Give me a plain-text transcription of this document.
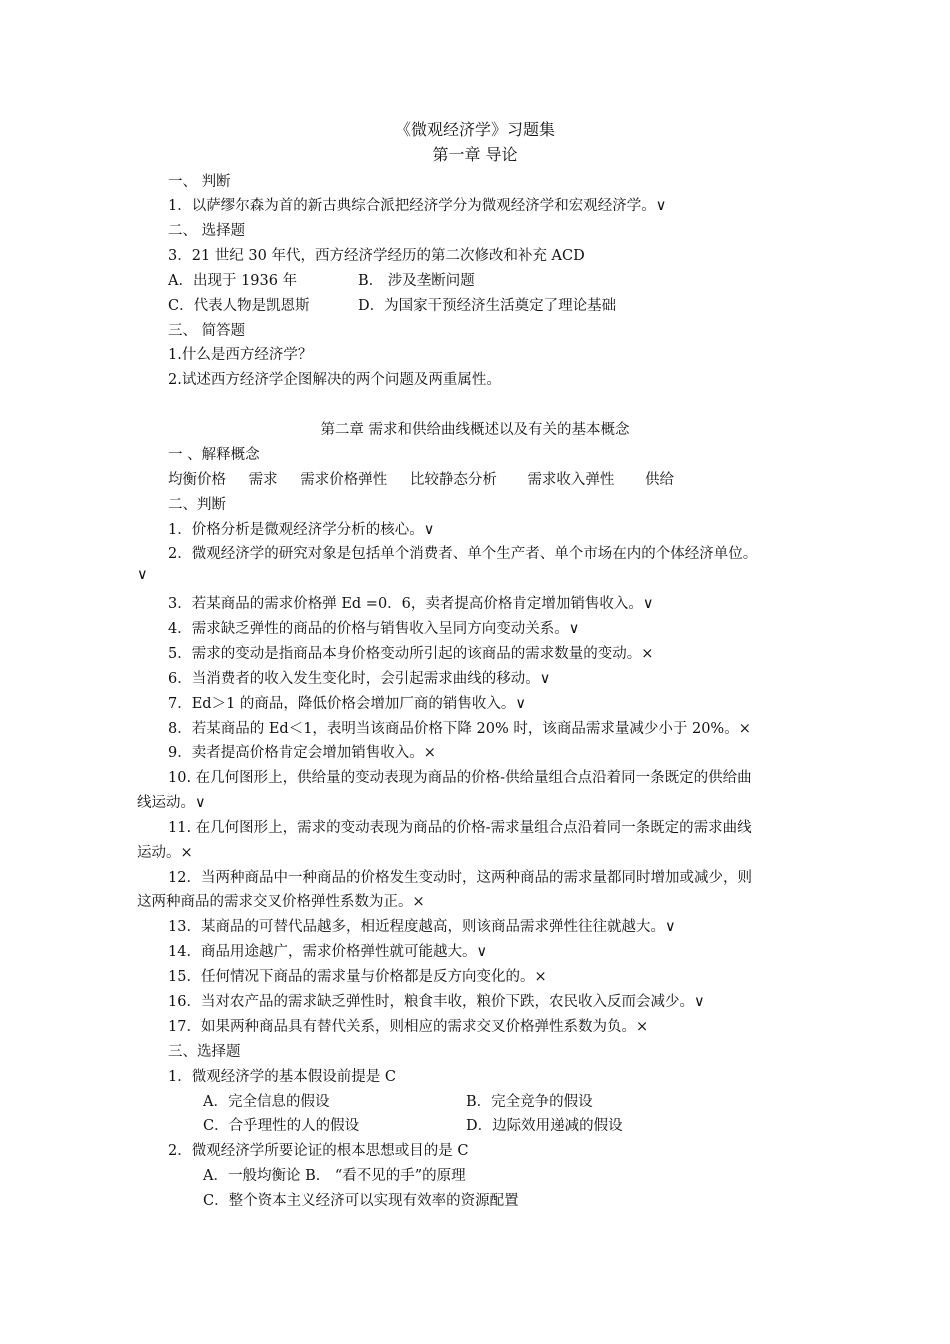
《微观经济学》习题集
第一章 导论
一、 判断
1．以萨缪尔森为首的新古典综合派把经济学分为微观经济学和宏观经济学。∨
二、 选择题
3．21 世纪 30 年代，西方经济学经历的第二次修改和补充 ACD
A．出现于 1936 年	B． 涉及垄断问题
C．代表人物是凯恩斯	D．为国家干预经济生活奠定了理论基础
三、 简答题
1.什么是西方经济学？
2.试述西方经济学企图解决的两个问题及两重属性。
第二章 需求和供给曲线概述以及有关的基本概念
一 、解释概念
均衡价格 需求 需求价格弹性 比较静态分析 需求收入弹性 供给
二、判断
1．价格分析是微观经济学分析的核心。∨
2．微观经济学的研究对象是包括单个消费者、单个生产者、单个市场在内的个体经济单位。
∨
3．若某商品的需求价格弹 Ed =0．6，卖者提高价格肯定增加销售收入。∨
4．需求缺乏弹性的商品的价格与销售收入呈同方向变动关系。∨
5．需求的变动是指商品本身价格变动所引起的该商品的需求数量的变动。×
6．当消费者的收入发生变化时，会引起需求曲线的移动。∨
7．Ed＞1 的商品，降低价格会增加厂商的销售收入。∨
8．若某商品的 Ed＜1，表明当该商品价格下降 20% 时，该商品需求量减少小于 20%。×
9．卖者提高价格肯定会增加销售收入。×
10. 在几何图形上，供给量的变动表现为商品的价格-供给量组合点沿着同一条既定的供给曲
线运动。∨
11. 在几何图形上，需求的变动表现为商品的价格-需求量组合点沿着同一条既定的需求曲线
运动。×
12．当两种商品中一种商品的价格发生变动时，这两种商品的需求量都同时增加或减少，则
这两种商品的需求交叉价格弹性系数为正。×
13．某商品的可替代品越多，相近程度越高，则该商品需求弹性往往就越大。∨
14．商品用途越广，需求价格弹性就可能越大。∨
15．任何情况下商品的需求量与价格都是反方向变化的。×
16．当对农产品的需求缺乏弹性时，粮食丰收，粮价下跌，农民收入反而会减少。∨
17．如果两种商品具有替代关系，则相应的需求交叉价格弹性系数为负。×
三、选择题
1．微观经济学的基本假设前提是 C
A．完全信息的假设	B．完全竞争的假设
C．合乎理性的人的假设	D．边际效用递减的假设
2．微观经济学所要论证的根本思想或目的是 C
A．一般均衡论 B． “看不见的手”的原理
C．整个资本主义经济可以实现有效率的资源配置
